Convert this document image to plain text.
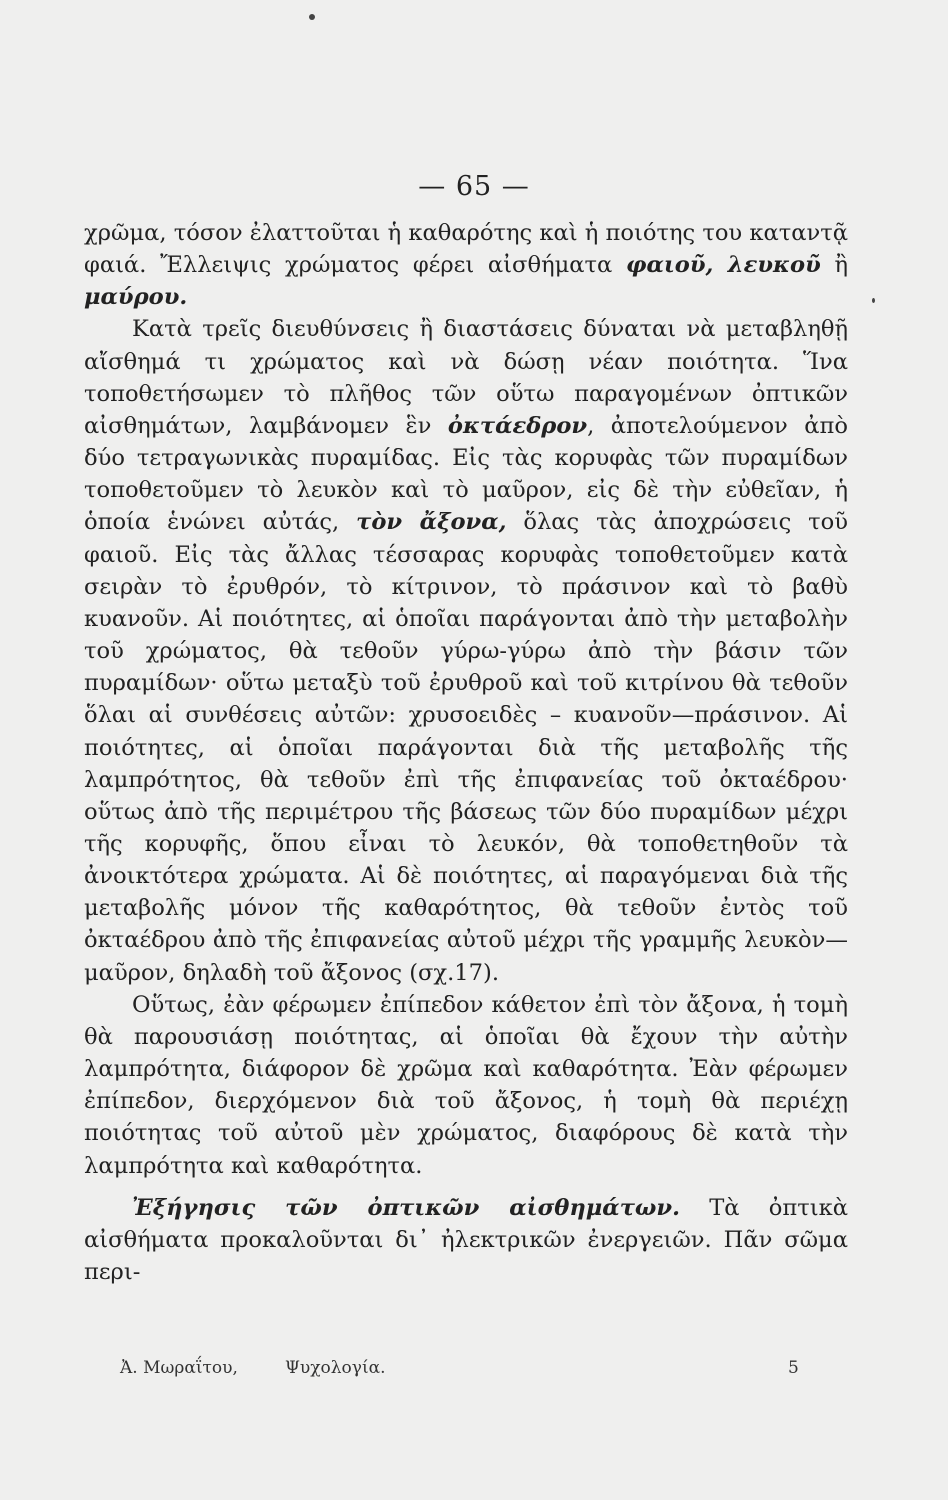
— 65 —

χρῶμα, τόσον ἐλαττοῦται ἡ καθαρότης καὶ ἡ ποιότης του καταντᾷ φαιά. Ἔλλειψις χρώματος φέρει αἰσθήματα φαιοῦ, λευκοῦ ἢ μαύρου.

Κατὰ τρεῖς διευθύνσεις ἢ διαστάσεις δύναται νὰ μεταβληθῇ αἴσθημά τι χρώματος καὶ νὰ δώσῃ νέαν ποιότητα. Ἵνα τοποθετήσωμεν τὸ πλῆθος τῶν οὕτω παραγομένων ὀπτικῶν αἰσθημάτων, λαμβάνομεν ἓν ὀκτάεδρον, ἀποτελούμενον ἀπὸ δύο τετραγωνικὰς πυραμίδας. Εἰς τὰς κορυφὰς τῶν πυραμίδων τοποθετοῦμεν τὸ λευκὸν καὶ τὸ μαῦρον, εἰς δὲ τὴν εὐθεῖαν, ἡ ὁποία ἑνώνει αὐτάς, τὸν ἄξονα, ὅλας τὰς ἀποχρώσεις τοῦ φαιοῦ. Εἰς τὰς ἄλλας τέσσαρας κορυφὰς τοποθετοῦμεν κατὰ σειρὰν τὸ ἐρυθρόν, τὸ κίτρινον, τὸ πράσινον καὶ τὸ βαθὺ κυανοῦν. Αἱ ποιότητες, αἱ ὁποῖαι παράγονται ἀπὸ τὴν μεταβολὴν τοῦ χρώματος, θὰ τεθοῦν γύρω-γύρω ἀπὸ τὴν βάσιν τῶν πυραμίδων· οὕτω μεταξὺ τοῦ ἐρυθροῦ καὶ τοῦ κιτρίνου θὰ τεθοῦν ὅλαι αἱ συνθέσεις αὐτῶν: χρυσοειδὲς – κυανοῦν—πράσινον. Αἱ ποιότητες, αἱ ὁποῖαι παράγονται διὰ τῆς μεταβολῆς τῆς λαμπρότητος, θὰ τεθοῦν ἐπὶ τῆς ἐπιφανείας τοῦ ὀκταέδρου· οὕτως ἀπὸ τῆς περιμέτρου τῆς βάσεως τῶν δύο πυραμίδων μέχρι τῆς κορυφῆς, ὅπου εἶναι τὸ λευκόν, θὰ τοποθετηθοῦν τὰ ἀνοικτότερα χρώματα. Αἱ δὲ ποιότητες, αἱ παραγόμεναι διὰ τῆς μεταβολῆς μόνον τῆς καθαρότητος, θὰ τεθοῦν ἐντὸς τοῦ ὀκταέδρου ἀπὸ τῆς ἐπιφανείας αὐτοῦ μέχρι τῆς γραμμῆς λευκὸν—μαῦρον, δηλαδὴ τοῦ ἄξονος (σχ.17).

Οὕτως, ἐὰν φέρωμεν ἐπίπεδον κάθετον ἐπὶ τὸν ἄξονα, ἡ τομὴ θὰ παρουσιάσῃ ποιότητας, αἱ ὁποῖαι θὰ ἔχουν τὴν αὐτὴν λαμπρότητα, διάφορον δὲ χρῶμα καὶ καθαρότητα. Ἐὰν φέρωμεν ἐπίπεδον, διερχόμενον διὰ τοῦ ἄξονος, ἡ τομὴ θὰ περιέχῃ ποιότητας τοῦ αὐτοῦ μὲν χρώματος, διαφόρους δὲ κατὰ τὴν λαμπρότητα καὶ καθαρότητα.

Ἐξήγησις τῶν ὀπτικῶν αἰσθημάτων. Τὰ ὀπτικὰ αἰσθήματα προκαλοῦνται δι᾽ ἠλεκτρικῶν ἐνεργειῶν. Πᾶν σῶμα περι-

Ἀ. Μωραΐτου,	Ψυχολογία.	5
